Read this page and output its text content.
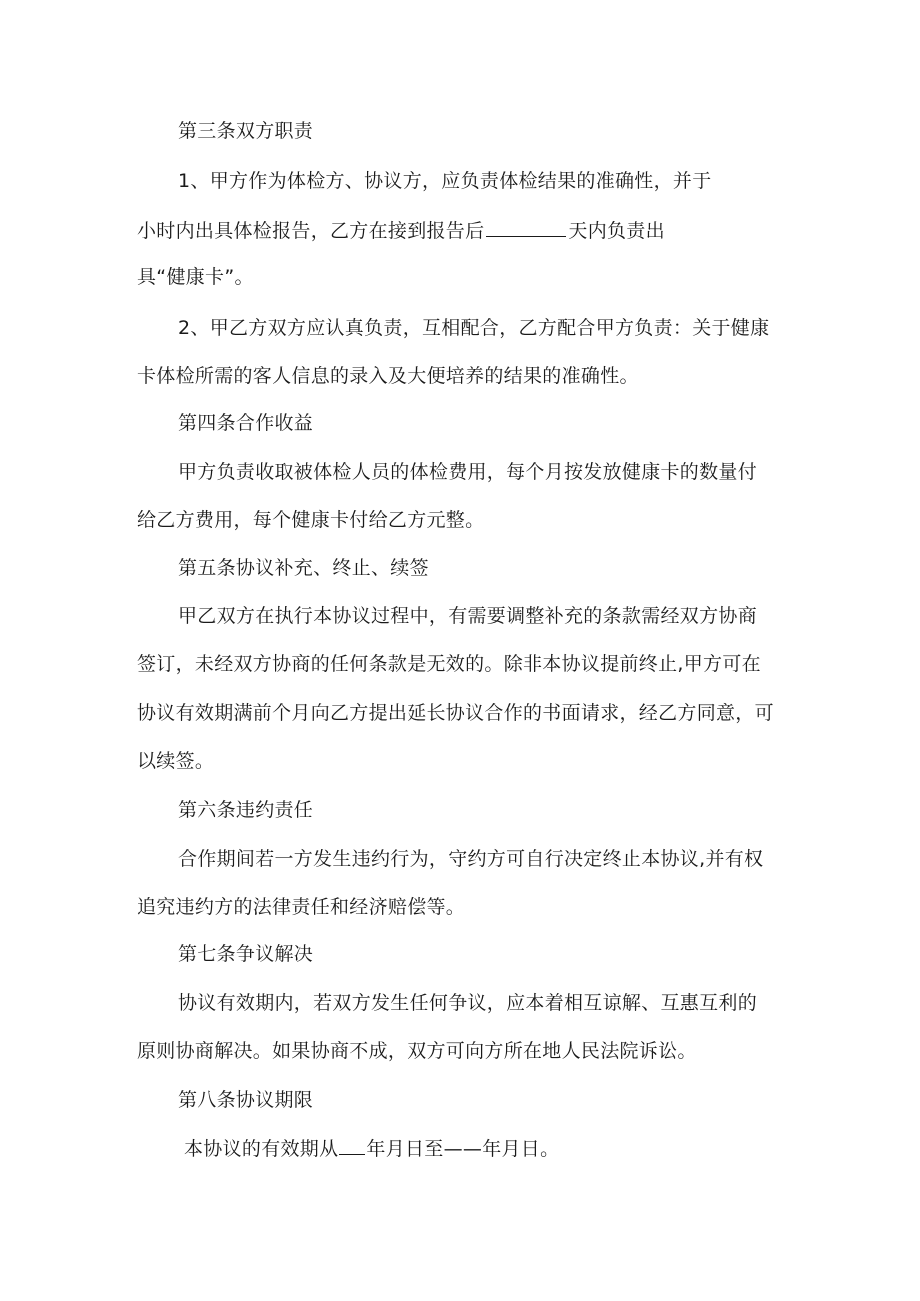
第三条双方职责
1、甲方作为体检方、协议方，应负责体检结果的准确性，并于
小时内出具体检报告，乙方在接到报告后	天内负责出
具“健康卡”。
2、甲乙方双方应认真负责，互相配合，乙方配合甲方负责：关于健康
卡体检所需的客人信息的录入及大便培养的结果的准确性。
第四条合作收益
甲方负责收取被体检人员的体检费用，每个月按发放健康卡的数量付
给乙方费用，每个健康卡付给乙方元整。
第五条协议补充、终止、续签
甲乙双方在执行本协议过程中，有需要调整补充的条款需经双方协商
签订，未经双方协商的任何条款是无效的。除非本协议提前终止,甲方可在
协议有效期满前个月向乙方提出延长协议合作的书面请求，经乙方同意，可
以续签。
第六条违约责任
合作期间若一方发生违约行为，守约方可自行决定终止本协议,并有权
追究违约方的法律责任和经济赔偿等。
第七条争议解决
协议有效期内，若双方发生任何争议，应本着相互谅解、互惠互利的
原则协商解决。如果协商不成，双方可向方所在地人民法院诉讼。
第八条协议期限
本协议的有效期从 年月日至——年月日。
